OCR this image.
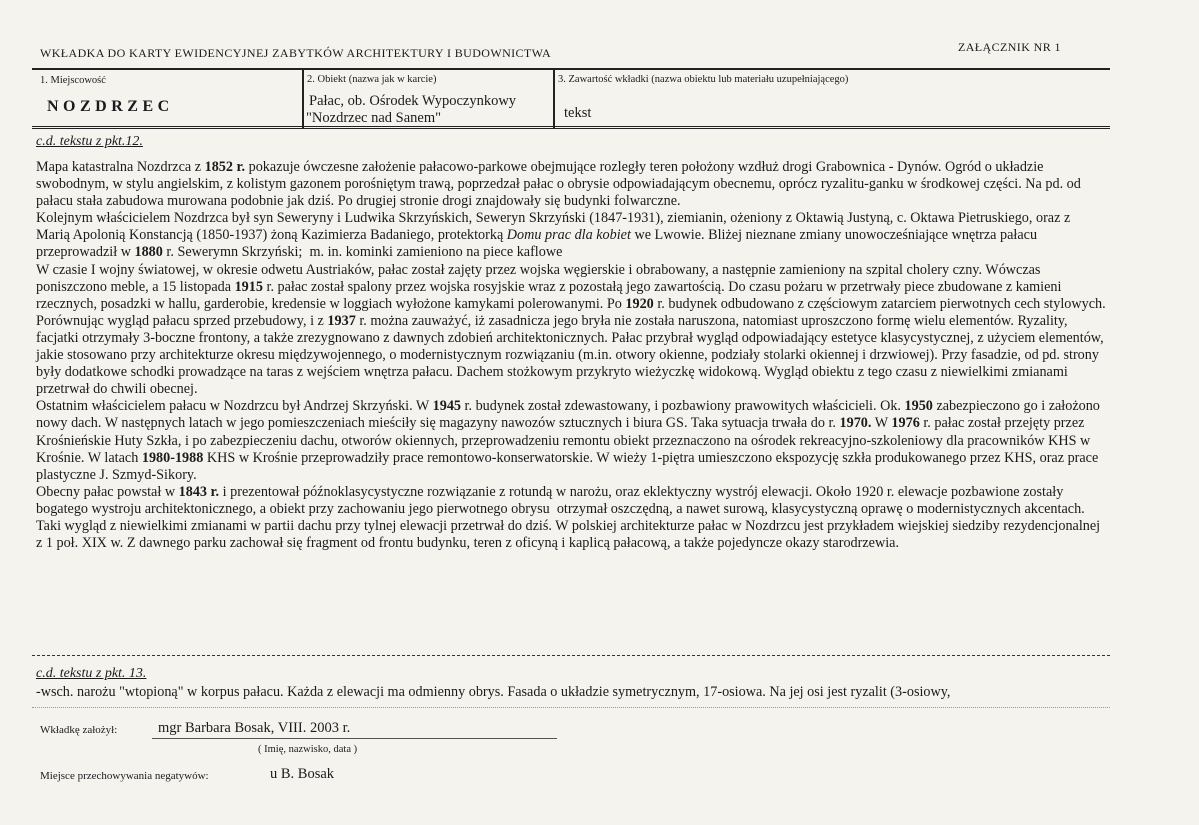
WKŁADKA DO KARTY EWIDENCYJNEJ ZABYTKÓW ARCHITEKTURY I BUDOWNICTWA	ZAŁĄCZNIK NR 1
1. Miejscowość
NOZDRZEC
2. Obiekt (nazwa jak w karcie)
Pałac, ob. Ośrodek Wypoczynkowy
"Nozdrzec nad Sanem"
3. Zawartość wkładki (nazwa obiektu lub materiału uzupełniającego)
tekst
c.d. tekstu z pkt.12.

Mapa katastralna Nozdrzca z 1852 r. pokazuje ówczesne założenie pałacowo-parkowe obejmujące rozległy teren położony wzdłuż drogi Grabownica - Dynów. Ogród o układzie swobodnym, w stylu angielskim, z kolistym gazonem porośniętym trawą, poprzedzał pałac o obrysie odpowiadającym obecnemu, oprócz ryzalitu-ganku w środkowej części. Na pd. od pałacu stała zabudowa murowana podobnie jak dziś. Po drugiej stronie drogi znajdowały się budynki folwarczne.

Kolejnym właścicielem Nozdrzca był syn Seweryny i Ludwika Skrzyńskich, Seweryn Skrzyński (1847-1931), ziemianin, ożeniony z Oktawią Justyną, c. Oktawa Pietruskiego, oraz z Marią Apolonią Konstancją (1850-1937) żoną Kazimierza Badaniego, protektorką Domu prac dla kobiet we Lwowie. Bliżej nieznane zmiany unowocześniające wnętrza pałacu przeprowadził w 1880 r. Sewerymn Skrzyński;  m. in. kominki zamieniono na piece kaflowe

W czasie I wojny światowej, w okresie odwetu Austriaków, pałac został zajęty przez wojska węgierskie i obrabowany, a następnie zamieniony na szpital cholery czny. Wówczas poniszczono meble, a 15 listopada 1915 r. pałac został spalony przez wojska rosyjskie wraz z pozostałą jego zawartością. Do czasu pożaru w przetrwały piece zbudowane z kamieni rzecznych, posadzki w hallu, garderobie, kredensie w loggiach wyłożone kamykami polerowanymi. Po 1920 r. budynek odbudowano z częściowym zatarciem pierwotnych cech stylowych. Porównując wygląd pałacu sprzed przebudowy, i z 1937 r. można zauważyć, iż zasadnicza jego bryła nie została naruszona, natomiast uproszczono formę wielu elementów. Ryzality, facjatki otrzymały 3-boczne frontony, a także zrezygnowano z dawnych zdobień architektonicznych. Pałac przybrał wygląd odpowiadający estetyce klasycystycznej, z użyciem elementów, jakie stosowano przy architekturze okresu międzywojennego, o modernistycznym rozwiązaniu (m.in. otwory okienne, podziały stolarki okiennej i drzwiowej). Przy fasadzie, od pd. strony były dodatkowe schodki prowadzące na taras z wejściem wnętrza pałacu. Dachem stożkowym przykryto wieżyczkę widokową. Wygląd obiektu z tego czasu z niewielkimi zmianami przetrwał do chwili obecnej.

Ostatnim właścicielem pałacu w Nozdrzcu był Andrzej Skrzyński. W 1945 r. budynek został zdewastowany, i pozbawiony prawowitych właścicieli. Ok. 1950 zabezpieczono go i założono nowy dach. W następnych latach w jego pomieszczeniach mieściły się magazyny nawozów sztucznych i biura GS. Taka sytuacja trwała do r. 1970. W 1976 r. pałac został przejęty przez Krośnieńskie Huty Szkła, i po zabezpieczeniu dachu, otworów okiennych, przeprowadzeniu remontu obiekt przeznaczono na ośrodek rekreacyjno-szkoleniowy dla pracowników KHS w Krośnie. W latach 1980-1988 KHS w Krośnie przeprowadziły prace remontowo-konserwatorskie. W wieży 1-piętra umieszczono ekspozycję szkła produkowanego przez KHS, oraz prace plastyczne J. Szmyd-Sikory.

Obecny pałac powstał w 1843 r. i prezentował późnoklasycystyczne rozwiązanie z rotundą w narożu, oraz eklektyczny wystrój elewacji. Około 1920 r. elewacje pozbawione zostały bogatego wystroju architektonicznego, a obiekt przy zachowaniu jego pierwotnego obrysu  otrzymał oszczędną, a nawet surową, klasycystyczną oprawę o modernistycznych akcentach. Taki wygląd z niewielkimi zmianami w partii dachu przy tylnej elewacji przetrwał do dziś. W polskiej architekturze pałac w Nozdrzcu jest przykładem wiejskiej siedziby rezydencjonalnej z 1 poł. XIX w. Z dawnego parku zachował się fragment od frontu budynku, teren z oficyną i kaplicą pałacową, a także pojedyncze okazy starodrzewia.

c.d. tekstu z pkt. 13.
-wsch. narożu "wtopioną" w korpus pałacu. Każda z elewacji ma odmienny obrys. Fasada o układzie symetrycznym, 17-osiowa. Na jej osi jest ryzalit (3-osiowy,
Wkładkę założył:	mgr Barbara Bosak, VIII. 2003 r.
( Imię, nazwisko, data )
Miejsce przechowywania negatywów:	u B. Bosak
